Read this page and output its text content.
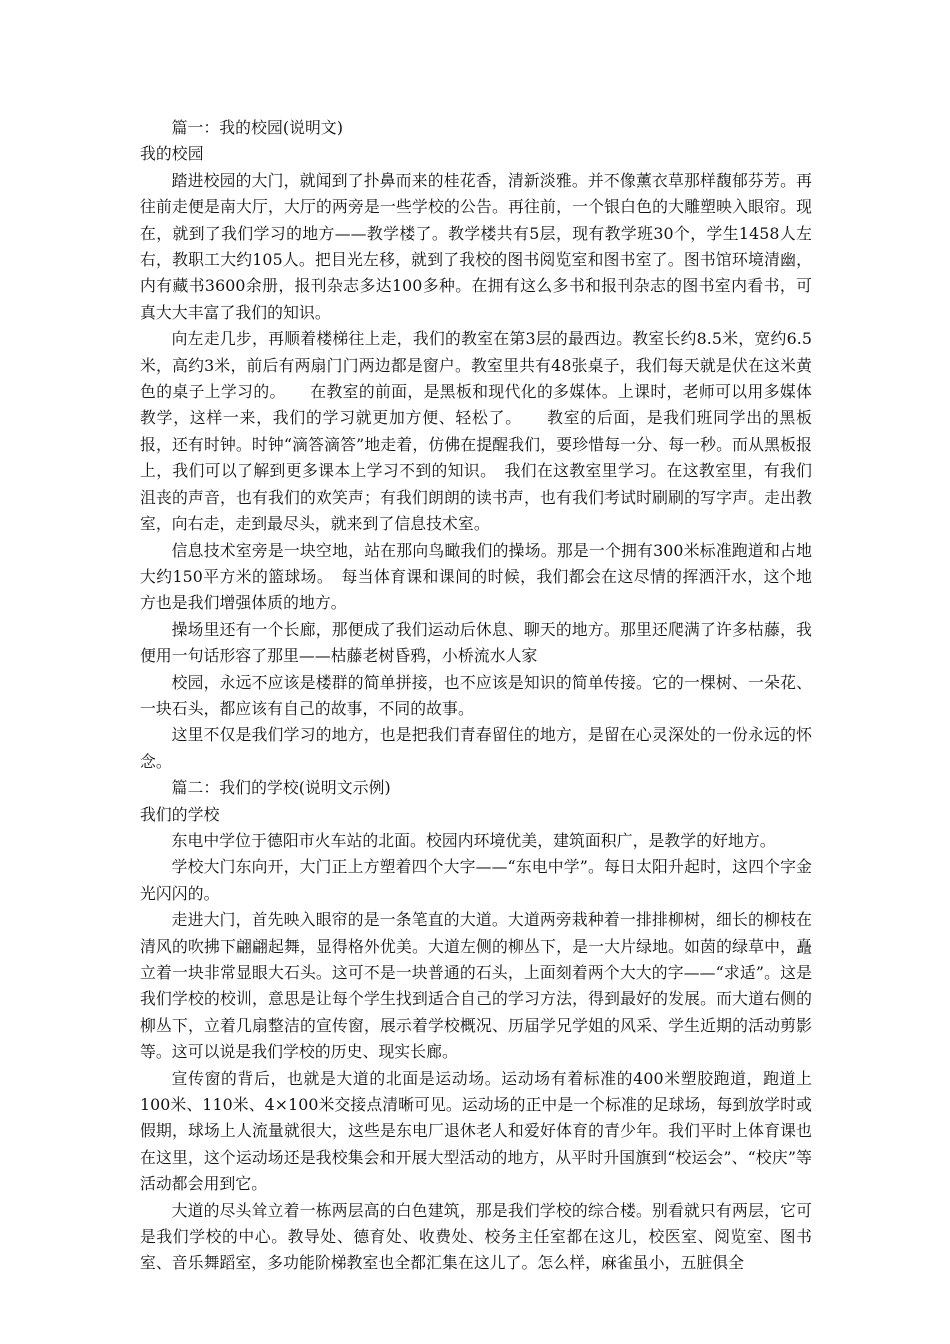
篇一：我的校园(说明文)

我的校园

踏进校园的大门，就闻到了扑鼻而来的桂花香，清新淡雅。并不像薰衣草那样馥郁芬芳。再往前走便是南大厅，大厅的两旁是一些学校的公告。再往前，一个银白色的大雕塑映入眼帘。现在，就到了我们学习的地方——教学楼了。教学楼共有5层，现有教学班30个，学生1458人左右，教职工大约105人。把目光左移，就到了我校的图书阅览室和图书室了。图书馆环境清幽，内有藏书3600余册，报刊杂志多达100多种。在拥有这么多书和报刊杂志的图书室内看书，可真大大丰富了我们的知识。

向左走几步，再顺着楼梯往上走，我们的教室在第3层的最西边。教室长约8.5米，宽约6.5米，高约3米，前后有两扇门门两边都是窗户。教室里共有48张桌子，我们每天就是伏在这米黄色的桌子上学习的。　　在教室的前面，是黑板和现代化的多媒体。上课时，老师可以用多媒体教学，这样一来，我们的学习就更加方便、轻松了。　　教室的后面，是我们班同学出的黑板报，还有时钟。时钟“滴答滴答”地走着，仿佛在提醒我们，要珍惜每一分、每一秒。而从黑板报上，我们可以了解到更多课本上学习不到的知识。　我们在这教室里学习。在这教室里，有我们沮丧的声音，也有我们的欢笑声；有我们朗朗的读书声，也有我们考试时刷刷的写字声。走出教室，向右走，走到最尽头，就来到了信息技术室。

信息技术室旁是一块空地，站在那向鸟瞰我们的操场。那是一个拥有300米标准跑道和占地大约150平方米的篮球场。　每当体育课和课间的时候，我们都会在这尽情的挥洒汗水，这个地方也是我们增强体质的地方。

操场里还有一个长廊，那便成了我们运动后休息、聊天的地方。那里还爬满了许多枯藤，我便用一句话形容了那里——枯藤老树昏鸦，小桥流水人家

校园，永远不应该是楼群的简单拼接，也不应该是知识的简单传接。它的一棵树、一朵花、一块石头，都应该有自己的故事，不同的故事。

这里不仅是我们学习的地方，也是把我们青春留住的地方，是留在心灵深处的一份永远的怀念。

篇二：我们的学校(说明文示例)

我们的学校

东电中学位于德阳市火车站的北面。校园内环境优美，建筑面积广，是教学的好地方。

学校大门东向开，大门正上方塑着四个大字——“东电中学”。每日太阳升起时，这四个字金光闪闪的。

走进大门，首先映入眼帘的是一条笔直的大道。大道两旁栽种着一排排柳树，细长的柳枝在清风的吹拂下翩翩起舞，显得格外优美。大道左侧的柳丛下，是一大片绿地。如茵的绿草中，矗立着一块非常显眼大石头。这可不是一块普通的石头，上面刻着两个大大的字——“求适”。这是我们学校的校训，意思是让每个学生找到适合自己的学习方法，得到最好的发展。而大道右侧的柳丛下，立着几扇整洁的宣传窗，展示着学校概况、历届学兄学姐的风采、学生近期的活动剪影等。这可以说是我们学校的历史、现实长廊。

宣传窗的背后，也就是大道的北面是运动场。运动场有着标准的400米塑胶跑道，跑道上100米、110米、4×100米交接点清晰可见。运动场的正中是一个标准的足球场，每到放学时或假期，球场上人流量就很大，这些是东电厂退休老人和爱好体育的青少年。我们平时上体育课也在这里，这个运动场还是我校集会和开展大型活动的地方，从平时升国旗到“校运会”、“校庆”等活动都会用到它。

大道的尽头耸立着一栋两层高的白色建筑，那是我们学校的综合楼。别看就只有两层，它可是我们学校的中心。教导处、德育处、收费处、校务主任室都在这儿，校医室、阅览室、图书室、音乐舞蹈室，多功能阶梯教室也全都汇集在这儿了。怎么样，麻雀虽小，五脏俱全
